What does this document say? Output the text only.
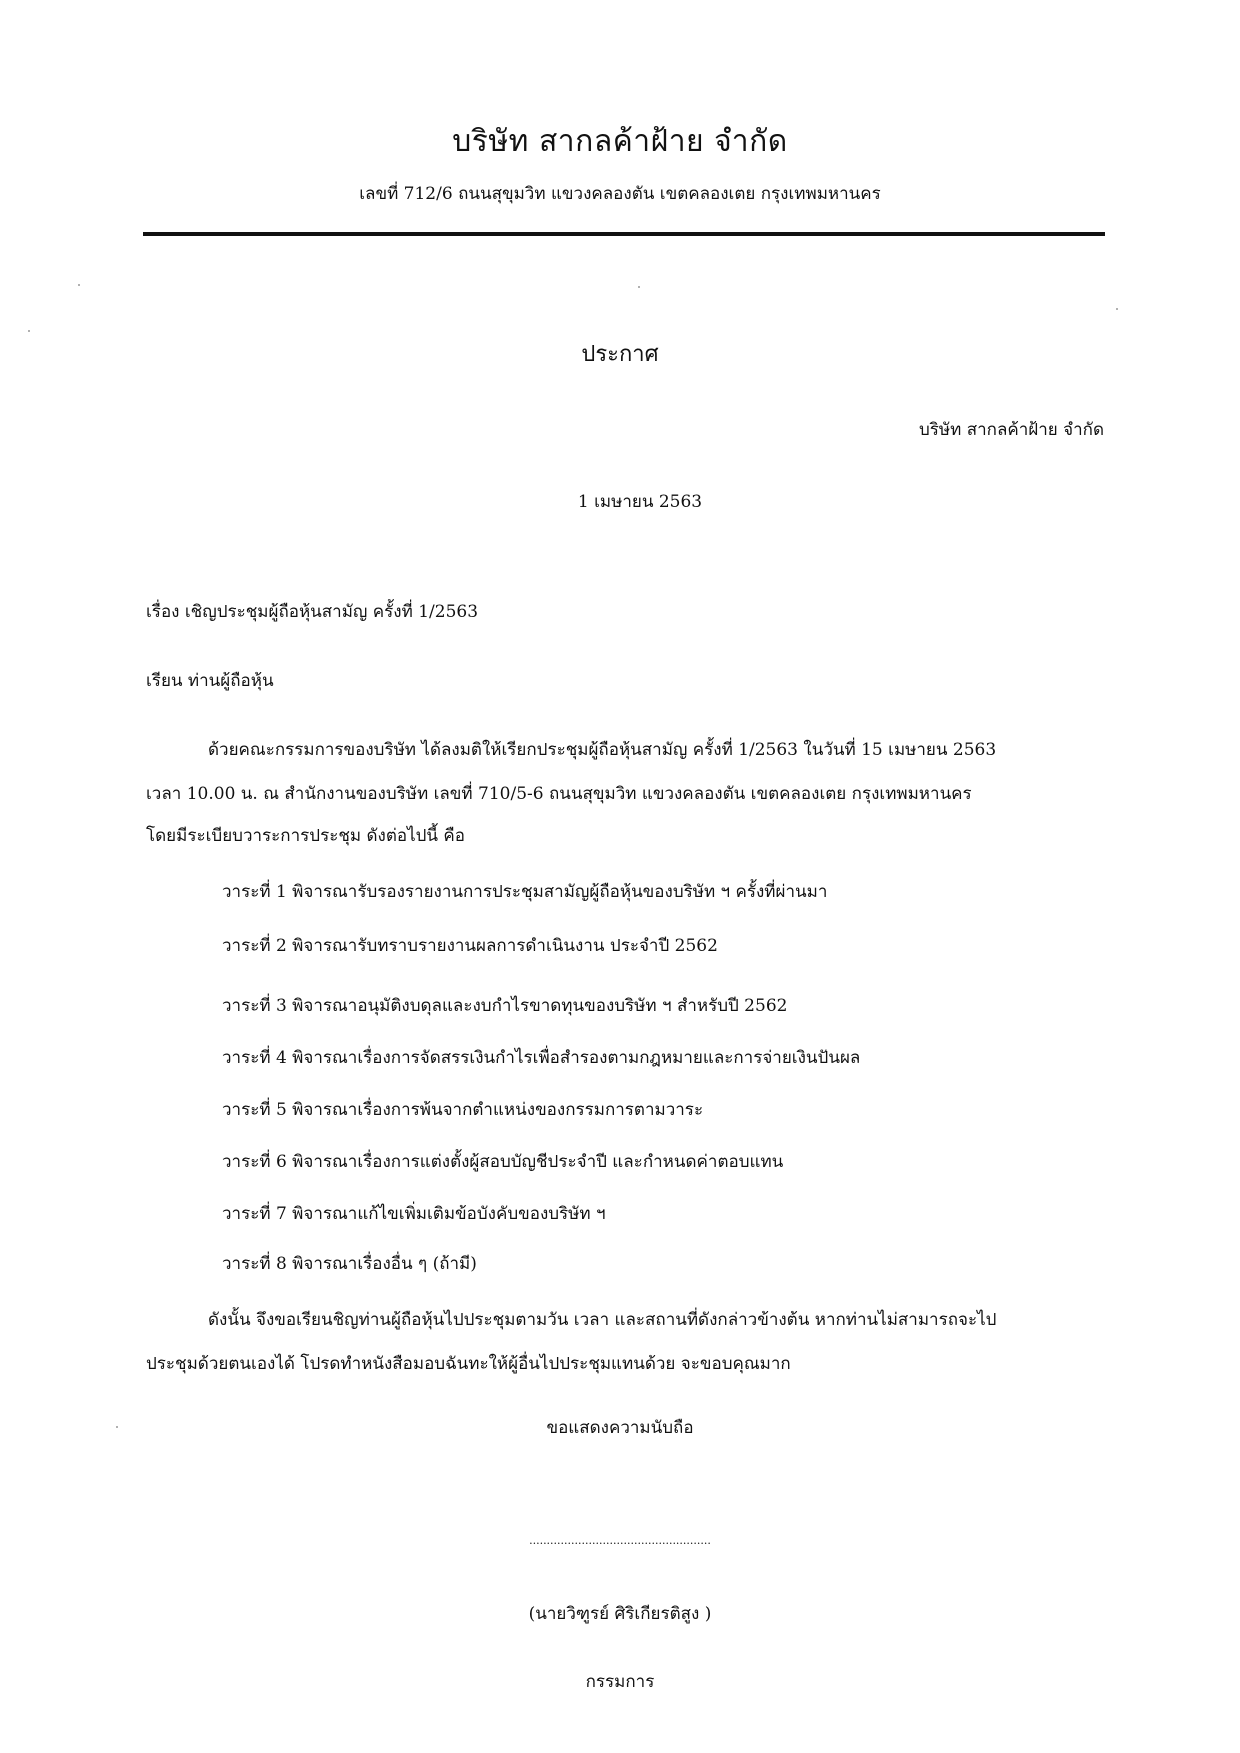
บริษัท สากลค้าฝ้าย จำกัด
เลขที่ 712/6 ถนนสุขุมวิท แขวงคลองตัน เขตคลองเตย กรุงเทพมหานคร
ประกาศ
บริษัท สากลค้าฝ้าย จำกัด
1 เมษายน 2563
เรื่อง เชิญประชุมผู้ถือหุ้นสามัญ ครั้งที่ 1/2563
เรียน ท่านผู้ถือหุ้น
ด้วยคณะกรรมการของบริษัท ได้ลงมติให้เรียกประชุมผู้ถือหุ้นสามัญ ครั้งที่ 1/2563 ในวันที่ 15 เมษายน 2563
เวลา 10.00 น. ณ สำนักงานของบริษัท เลขที่ 710/5-6 ถนนสุขุมวิท แขวงคลองตัน เขตคลองเตย กรุงเทพมหานคร
โดยมีระเบียบวาระการประชุม ดังต่อไปนี้ คือ
วาระที่ 1 พิจารณารับรองรายงานการประชุมสามัญผู้ถือหุ้นของบริษัท ฯ ครั้งที่ผ่านมา
วาระที่ 2 พิจารณารับทราบรายงานผลการดำเนินงาน ประจำปี 2562
วาระที่ 3 พิจารณาอนุมัติงบดุลและงบกำไรขาดทุนของบริษัท ฯ สำหรับปี 2562
วาระที่ 4 พิจารณาเรื่องการจัดสรรเงินกำไรเพื่อสำรองตามกฎหมายและการจ่ายเงินปันผล
วาระที่ 5 พิจารณาเรื่องการพ้นจากตำแหน่งของกรรมการตามวาระ
วาระที่ 6 พิจารณาเรื่องการแต่งตั้งผู้สอบบัญชีประจำปี และกำหนดค่าตอบแทน
วาระที่ 7 พิจารณาแก้ไขเพิ่มเติมข้อบังคับของบริษัท ฯ
วาระที่ 8 พิจารณาเรื่องอื่น ๆ (ถ้ามี)
ดังนั้น จึงขอเรียนชิญท่านผู้ถือหุ้นไปประชุมตามวัน เวลา และสถานที่ดังกล่าวข้างต้น หากท่านไม่สามารถจะไป
ประชุมด้วยตนเองได้ โปรดทำหนังสือมอบฉันทะให้ผู้อื่นไปประชุมแทนด้วย จะขอบคุณมาก
ขอแสดงความนับถือ
....................................................
(นายวิฑูรย์ ศิริเกียรติสูง )
กรรมการ
